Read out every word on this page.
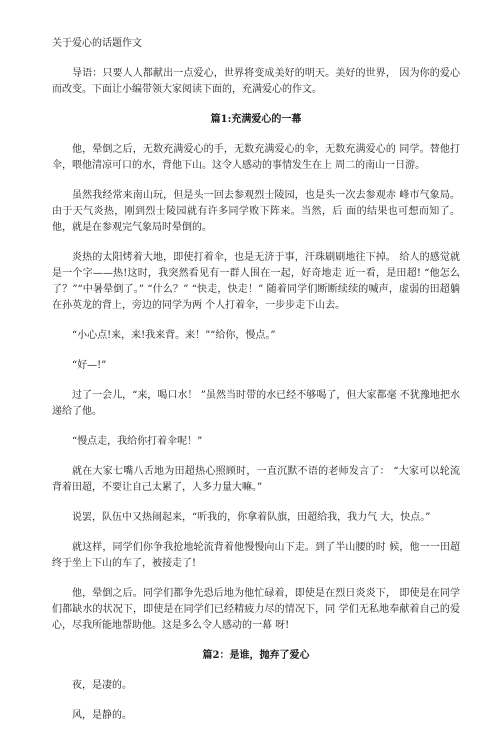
关于爱心的话题作文

导语：只要人人都献出一点爱心，世界将变成美好的明天。美好的世界， 因为你的爱心而改变。下面让小编带领大家阅读下面的，充满爱心的作文。

篇1:充满爱心的一幕

他，晕倒之后，无数充满爱心的手，无数充满爱心的伞，无数充满爱心的 同学。替他打伞，喂他清凉可口的水，背他下山。这令人感动的事情发生在上 周二的南山一日游。

虽然我经常来南山玩，但是头一回去参观烈士陵园，也是头一次去参观赤 峰市气象局。由于天气炎热，刚到烈士陵园就有许多同学败下阵来。当然，后 面的结果也可想而知了。他，就是在参观完气象局时晕倒的。

炎热的太阳烤着大地，即使打着伞，也是无济于事，汗珠刷刷地往下掉。 给人的感觉就是一个字——热!这时，我突然看见有一群人围在一起，好奇地走 近一看，是田超! “他怎么了？”“中暑晕倒了。” “什么？” “快走，快走！” 随着同学们断断续续的喊声，虚弱的田超躺在孙英龙的背上，旁边的同学为两 个人打着伞，一步步走下山去。

“小心点!来，来!我来背。来！”“给你，慢点。”

“好—!”

过了一会儿，“来，喝口水！ ”虽然当时带的水已经不够喝了，但大家都毫 不犹豫地把水递给了他。

“慢点走，我给你打着伞呢！”

就在大家七嘴八舌地为田超热心照顾时，一直沉默不语的老师发言了： “大家可以轮流背着田超，不要让自己太累了，人多力量大嘛。”

说罢，队伍中又热闹起来，“听我的，你拿着队旗，田超给我，我力气 大，快点。”

就这样，同学们你争我抢地轮流背着他慢慢向山下走。到了半山腰的时 候，他一一田超终于坐上下山的车了，被接走了!

他，晕倒之后。同学们都争先恐后地为他忙碌着，即使是在烈日炎炎下， 即使是在同学们都缺水的状况下，即使是在同学们已经精疲力尽的情况下，同 学们无私地奉献着自己的爱心，尽我所能地帮助他。这是多么令人感动的一幕 呀!

篇2：是谁，抛弃了爱心

夜，是凄的。

风，是静的。
